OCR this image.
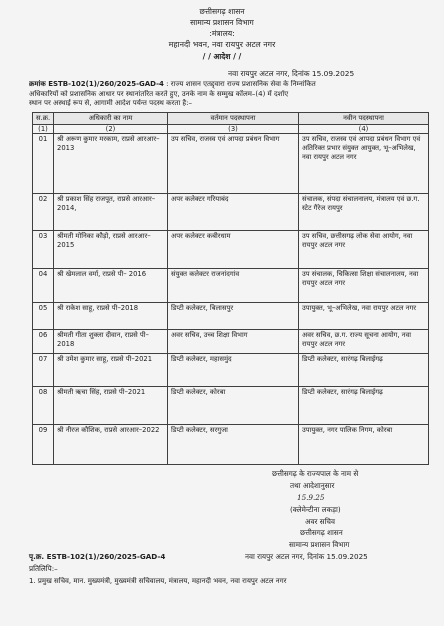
छत्तीसगढ़ शासन
सामान्य प्रशासन विभाग
:मंत्रालय:
महानदी भवन, नवा रायपुर अटल नगर
/ / आदेश / /
नवा रायपुर अटल नगर, दिनांक 15.09.2025
क्रमांक ESTB-102(1)/260/2025-GAD-4 : राज्य शासन एतद्द्वारा राज्य प्रशासनिक सेवा के निम्नांकित
अधिकारियों को प्रशासनिक आधार पर स्थानांतरित करते हुए, उनके नाम के सम्मुख कॉलम–(4) में दर्शाए
स्थान पर अस्थाई रूप से, आगामी आदेश पर्यन्त पदस्थ करता है:–
स.क्र.	अधिकारी का नाम	वर्तमान पदस्थापना	नवीन पदस्थापना
(1)	(2)	(3)	(4)
01	श्री अरूण कुमार मरकाम, राप्रसे आरआर–2013	उप सचिव, राजस्व एवं आपदा प्रबंधन विभाग	उप सचिव, राजस्व एवं आपदा प्रबंधन विभाग एवं अतिरिक्त प्रभार संयुक्त आयुक्त, भू–अभिलेख, नवा रायपुर अटल नगर
02	श्री प्रकाश सिंह राजपूत, राप्रसे आरआर–2014,	अपर कलेक्टर गरियाबंद	संचालक, संपदा संचालनालय, मंत्रालय एवं छ.ग. स्टेट गैरेज रायपुर
03	श्रीमती मोनिका कौड़ो, राप्रसे आरआर–2015	अपर कलेक्टर कबीरधाम	उप सचिव, छत्तीसगढ़ लोक सेवा आयोग, नवा रायपुर अटल नगर
04	श्री खेमलाल वर्मा, राप्रसे पी– 2016	संयुक्त कलेक्टर राजनांदगांव	उप संचालक, चिकित्सा शिक्षा संचालनालय, नवा रायपुर अटल नगर
05	श्री राकेश साहू, राप्रसे पी–2018	डिप्टी कलेक्टर, बिलासपुर	उपायुक्त, भू–अभिलेख, नवा रायपुर अटल नगर
06	श्रीमती गीता शुक्ला दीवान, राप्रसे पी–2018	अवर सचिव, उच्च शिक्षा विभाग	अवर सचिव, छ.ग. राज्य सूचना आयोग, नवा रायपुर अटल नगर
07	श्री उमेश कुमार साहू, राप्रसे पी–2021	डिप्टी कलेक्टर, महासमुंद	डिप्टी कलेक्टर, सारंगढ़ बिलाईगढ़
08	श्रीमती ऋचा सिंह, राप्रसे पी–2021	डिप्टी कलेक्टर, कोरबा	डिप्टी कलेक्टर, सारंगढ़ बिलाईगढ़
09	श्री नीरज कौशिक, राप्रसे आरआर–2022	डिप्टी कलेक्टर, सरगुजा	उपायुक्त, नगर पालिक निगम, कोरबा
छत्तीसगढ़ के राज्यपाल के नाम से
तथा आदेशानुसार
15.9.25
(क्लेमेन्टीना लकड़ा)
अवर सचिव
छत्तीसगढ़ शासन
सामान्य प्रशासन विभाग
पृ.क्र. ESTB-102(1)/260/2025-GAD-4	नवा रायपुर अटल नगर, दिनांक 15.09.2025
प्रतिलिपि:–
1. प्रमुख सचिव, मान. मुख्यमंत्री, मुख्यमंत्री सचिवालय, मंत्रालय, महानदी भवन, नवा रायपुर अटल नगर
